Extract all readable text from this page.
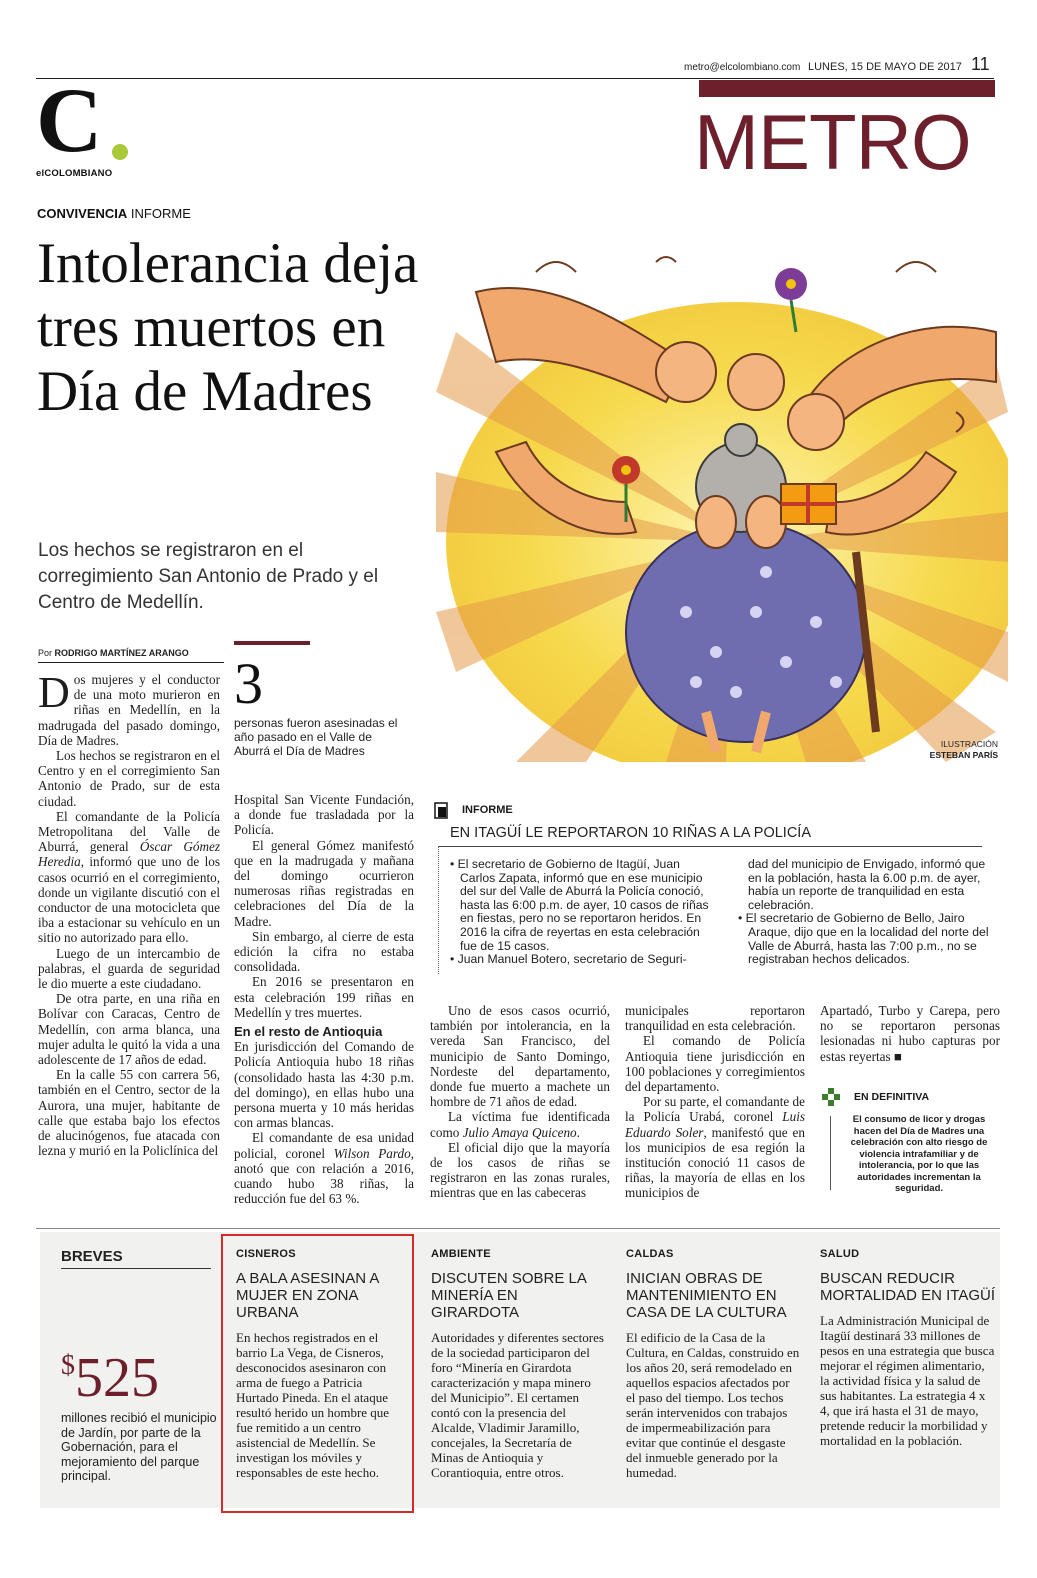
metro@elcolombiano.com LUNES, 15 DE MAYO DE 2017 11
METRO
C
elCOLOMBIANO
CONVIVENCIA INFORME
Intolerancia deja tres muertos en Día de Madres
Los hechos se registraron en el corregimiento San Antonio de Prado y el Centro de Medellín.
ILUSTRACIÓN
ESTEBAN PARÍS
Por RODRIGO MARTÍNEZ ARANGO

Dos mujeres y el conductor de una moto murieron en riñas en Medellín, en la madrugada del pasado domingo, Día de Madres.

Los hechos se registraron en el Centro y en el corregimiento San Antonio de Prado, sur de esta ciudad.

El comandante de la Policía Metropolitana del Valle de Aburrá, general Óscar Gómez Heredia, informó que uno de los casos ocurrió en el corregimiento, donde un vigilante discutió con el conductor de una motocicleta que iba a estacionar su vehículo en un sitio no autorizado para ello.

Luego de un intercambio de palabras, el guarda de seguridad le dio muerte a este ciudadano.

De otra parte, en una riña en Bolívar con Caracas, Centro de Medellín, con arma blanca, una mujer adulta le quitó la vida a una adolescente de 17 años de edad.

En la calle 55 con carrera 56, también en el Centro, sector de la Aurora, una mujer, habitante de calle que estaba bajo los efectos de alucinógenos, fue atacada con lezna y murió en la Policlínica del

3
personas fueron asesinadas el año pasado en el Valle de Aburrá el Día de Madres

Hospital San Vicente Fundación, a donde fue trasladada por la Policía.

El general Gómez manifestó que en la madrugada y mañana del domingo ocurrieron numerosas riñas registradas en celebraciones del Día de la Madre.

Sin embargo, al cierre de esta edición la cifra no estaba consolidada.

En 2016 se presentaron en esta celebración 199 riñas en Medellín y tres muertes.

En el resto de Antioquia

En jurisdicción del Comando de Policía Antioquia hubo 18 riñas (consolidado hasta las 4:30 p.m. del domingo), en ellas hubo una persona muerta y 10 más heridas con armas blancas.

El comandante de esa unidad policial, coronel Wilson Pardo, anotó que con relación a 2016, cuando hubo 38 riñas, la reducción fue del 63 %.

INFORME
EN ITAGÜÍ LE REPORTARON 10 RIÑAS A LA POLICÍA
• El secretario de Gobierno de Itagüí, Juan Carlos Zapata, informó que en ese municipio del sur del Valle de Aburrá la Policía conoció, hasta las 6:00 p.m. de ayer, 10 casos de riñas en fiestas, pero no se reportaron heridos. En 2016 la cifra de reyertas en esta celebración fue de 15 casos.
• Juan Manuel Botero, secretario de Seguri-
dad del municipio de Envigado, informó que en la población, hasta la 6.00 p.m. de ayer, había un reporte de tranquilidad en esta celebración.
• El secretario de Gobierno de Bello, Jairo Araque, dijo que en la localidad del norte del Valle de Aburrá, hasta las 7:00 p.m., no se registraban hechos delicados.

Uno de esos casos ocurrió, también por intolerancia, en la vereda San Francisco, del municipio de Santo Domingo, Nordeste del departamento, donde fue muerto a machete un hombre de 71 años de edad.

La víctima fue identificada como Julio Amaya Quiceno.

El oficial dijo que la mayoría de los casos de riñas se registraron en las zonas rurales, mientras que en las cabeceras

municipales reportaron tranquilidad en esta celebración.

El comando de Policía Antioquia tiene jurisdicción en 100 poblaciones y corregimientos del departamento.

Por su parte, el comandante de la Policía Urabá, coronel Luis Eduardo Soler, manifestó que en los municipios de esa región la institución conoció 11 casos de riñas, la mayoría de ellas en los municipios de

Apartadó, Turbo y Carepa, pero no se reportaron personas lesionadas ni hubo capturas por estas reyertas ■

EN DEFINITIVA
El consumo de licor y drogas hacen del Día de Madres una celebración con alto riesgo de violencia intrafamiliar y de intolerancia, por lo que las autoridades incrementan la seguridad.
BREVES
$525
millones recibió el municipio de Jardín, por parte de la Gobernación, para el mejoramiento del parque principal.
CISNEROS
A BALA ASESINAN A MUJER EN ZONA URBANA
En hechos registrados en el barrio La Vega, de Cisneros, desconocidos asesinaron con arma de fuego a Patricia Hurtado Pineda. En el ataque resultó herido un hombre que fue remitido a un centro asistencial de Medellín. Se investigan los móviles y responsables de este hecho.
AMBIENTE
DISCUTEN SOBRE LA MINERÍA EN GIRARDOTA
Autoridades y diferentes sectores de la sociedad participaron del foro “Minería en Girardota caracterización y mapa minero del Municipio”. El certamen contó con la presencia del Alcalde, Vladimir Jaramillo, concejales, la Secretaría de Minas de Antioquia y Corantioquia, entre otros.
CALDAS
INICIAN OBRAS DE MANTENIMIENTO EN CASA DE LA CULTURA
El edificio de la Casa de la Cultura, en Caldas, construido en los años 20, será remodelado en aquellos espacios afectados por el paso del tiempo. Los techos serán intervenidos con trabajos de impermeabilización para evitar que continúe el desgaste del inmueble generado por la humedad.
SALUD
BUSCAN REDUCIR MORTALIDAD EN ITAGÜÍ
La Administración Municipal de Itagüí destinará 33 millones de pesos en una estrategia que busca mejorar el régimen alimentario, la actividad física y la salud de sus habitantes. La estrategia 4 x 4, que irá hasta el 31 de mayo, pretende reducir la morbilidad y mortalidad en la población.
